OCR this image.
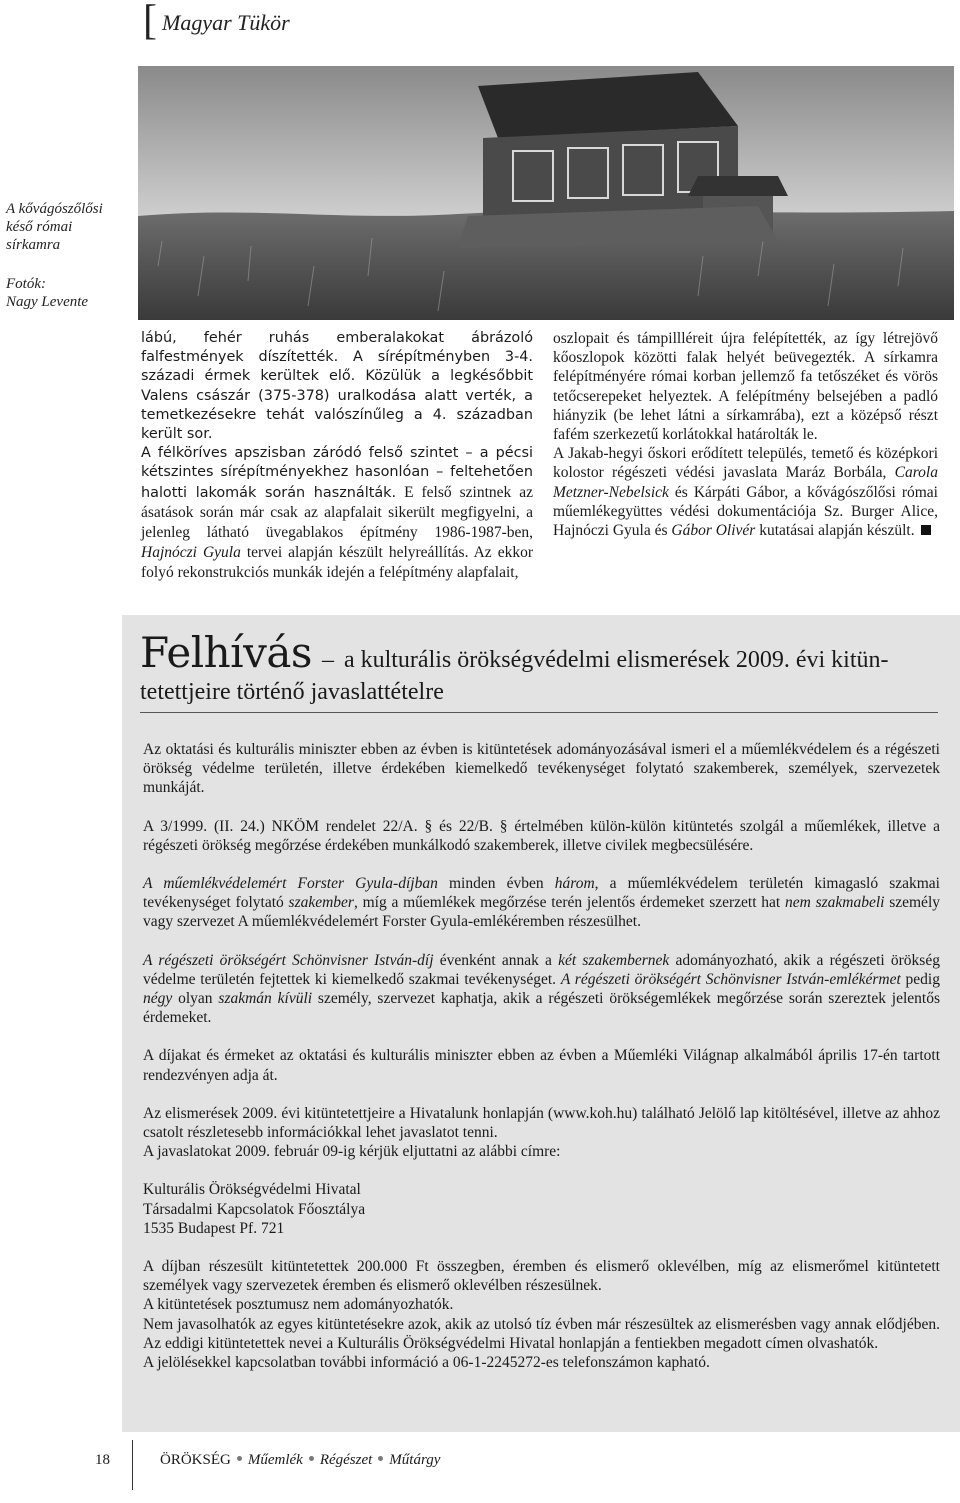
[ Magyar Tükör
A kővágószőlősi
késő római
sírkamra
Fotók:
Nagy Levente

lábú, fehér ruhás emberalakokat ábrázoló falfestmények díszítették. A sírépítményben 3-4. századi érmek kerültek elő. Közülük a legkésőbbit Valens császár (375-378) uralkodása alatt verték, a temetkezésekre tehát valószínűleg a 4. században került sor.

A félköríves apszisban záródó felső szintet – a pécsi kétszintes sírépítményekhez hasonlóan – feltehetően halotti lakomák során használták. E felső szintnek az ásatások során már csak az alapfalait sikerült megfigyelni, a jelenleg látható üvegablakos építmény 1986-1987-ben, Hajnóczi Gyula tervei alapján készült helyreállítás. Az ekkor folyó rekonstrukciós munkák idején a felépítmény alapfalait,

oszlopait és támpillléreit újra felépítették, az így létrejövő kőoszlopok közötti falak helyét beüvegezték. A sírkamra felépítményére római korban jellemző fa tetőszéket és vörös tetőcserepeket helyeztek. A felépítmény belsejében a padló hiányzik (be lehet látni a sírkamrába), ezt a középső részt fafém szerkezetű korlátokkal határolták le.

A Jakab-hegyi őskori erődített település, temető és középkori kolostor régészeti védési javaslata Maráz Borbála, Carola Metzner-Nebelsick és Kárpáti Gábor, a kővágószőlősi római műemlékegyüttes védési dokumentációja Sz. Burger Alice, Hajnóczi Gyula és Gábor Olivér kutatásai alapján készült.

Felhívás – a kulturális örökségvédelmi elismerések 2009. évi kitün-
tetettjeire történő javaslattételre

Az oktatási és kulturális miniszter ebben az évben is kitüntetések adományozásával ismeri el a műemlékvédelem és a régészeti örökség védelme területén, illetve érdekében kiemelkedő tevékenységet folytató szakemberek, személyek, szervezetek munkáját.

A 3/1999. (II. 24.) NKÖM rendelet 22/A. § és 22/B. § értelmében külön-külön kitüntetés szolgál a műemlékek, illetve a régészeti örökség megőrzése érdekében munkálkodó szakemberek, illetve civilek megbecsülésére.

A műemlékvédelemért Forster Gyula-díjban minden évben három, a műemlékvédelem területén kimagasló szakmai tevékenységet folytató szakember, míg a műemlékek megőrzése terén jelentős érdemeket szerzett hat nem szakmabeli személy vagy szervezet A műemlékvédelemért Forster Gyula-emlékéremben részesülhet.

A régészeti örökségért Schönvisner István-díj évenként annak a két szakembernek adományozható, akik a régészeti örökség védelme területén fejtettek ki kiemelkedő szakmai tevékenységet. A régészeti örökségért Schönvisner István-emlékérmet pedig négy olyan szakmán kívüli személy, szervezet kaphatja, akik a régészeti örökségemlékek megőrzése során szereztek jelentős érdemeket.

A díjakat és érmeket az oktatási és kulturális miniszter ebben az évben a Műemléki Világnap alkalmából április 17-én tartott rendezvényen adja át.

Az elismerések 2009. évi kitüntetettjeire a Hivatalunk honlapján (www.koh.hu) található Jelölő lap kitöltésével, illetve az ahhoz csatolt részletesebb információkkal lehet javaslatot tenni.

A javaslatokat 2009. február 09-ig kérjük eljuttatni az alábbi címre:

Kulturális Örökségvédelmi Hivatal
Társadalmi Kapcsolatok Főosztálya
1535 Budapest Pf. 721

A díjban részesült kitüntetettek 200.000 Ft összegben, éremben és elismerő oklevélben, míg az elismerőmel kitüntetett személyek vagy szervezetek éremben és elismerő oklevélben részesülnek.

A kitüntetések posztumusz nem adományozhatók.

Nem javasolhatók az egyes kitüntetésekre azok, akik az utolsó tíz évben már részesültek az elismerésben vagy annak elődjében. Az eddigi kitüntetettek nevei a Kulturális Örökségvédelmi Hivatal honlapján a fentiekben megadott címen olvashatók.

A jelölésekkel kapcsolatban további információ a 06-1-2245272-es telefonszámon kapható.

18	ÖRÖKSÉG Műemlék Régészet Műtárgy
